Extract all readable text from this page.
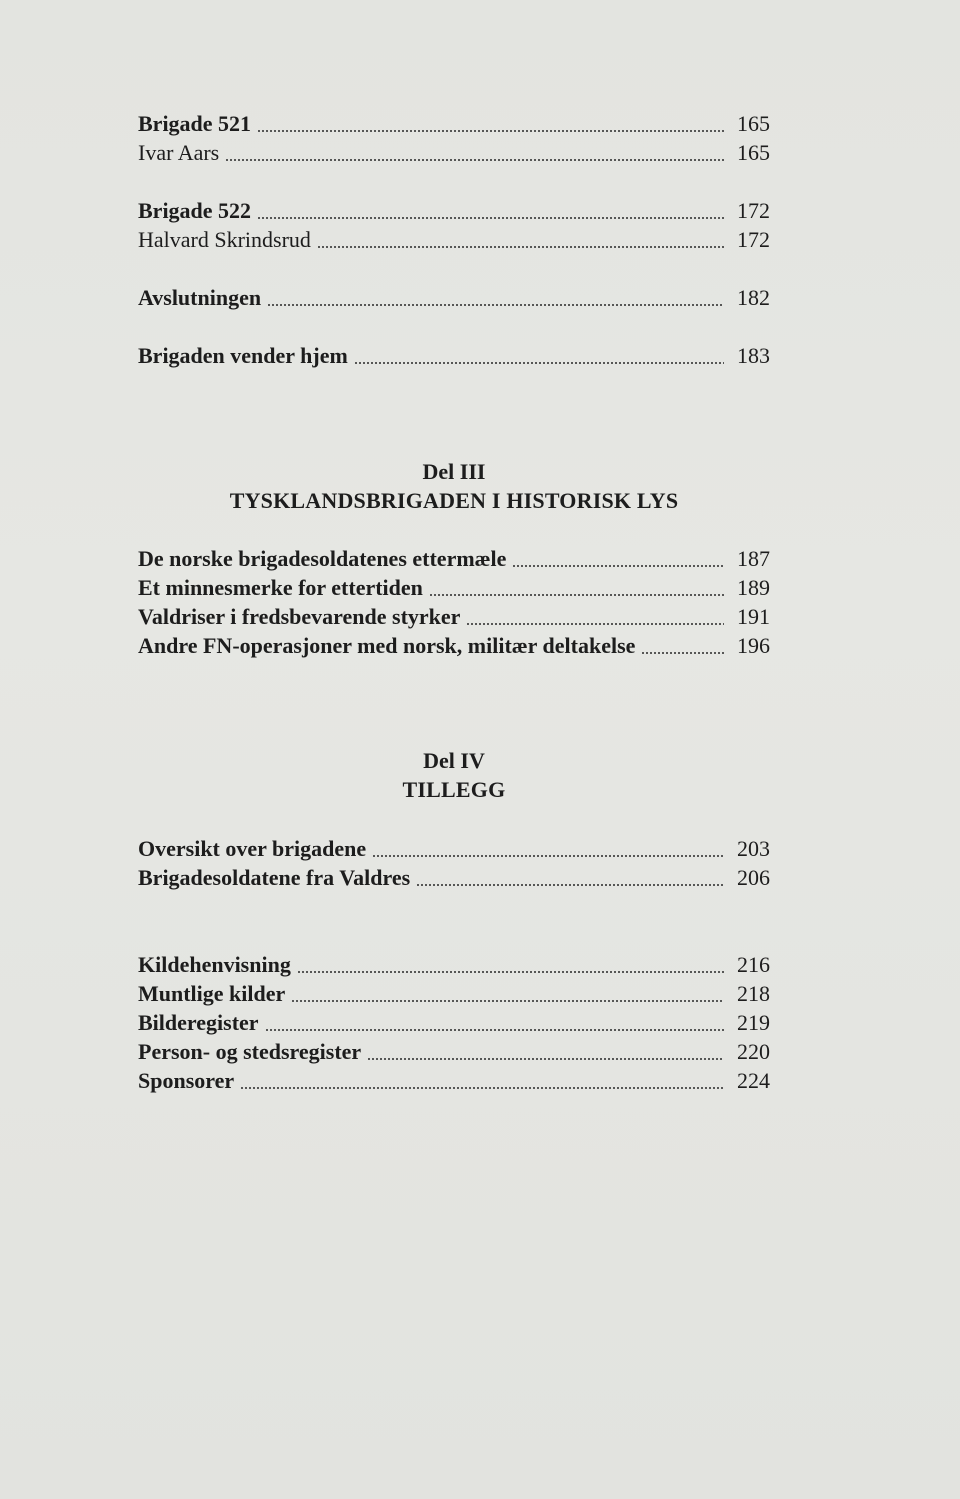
Brigade 521	165
Ivar Aars	165
Brigade 522	172
Halvard Skrindsrud	172
Avslutningen	182
Brigaden vender hjem	183
Del III
TYSKLANDSBRIGADEN I HISTORISK LYS
De norske brigadesoldatenes ettermæle	187
Et minnesmerke for ettertiden	189
Valdriser i fredsbevarende styrker	191
Andre FN-operasjoner med norsk, militær deltakelse	196
Del IV
TILLEGG
Oversikt over brigadene	203
Brigadesoldatene fra Valdres	206
Kildehenvisning	216
Muntlige kilder	218
Bilderegister	219
Person- og stedsregister	220
Sponsorer	224
